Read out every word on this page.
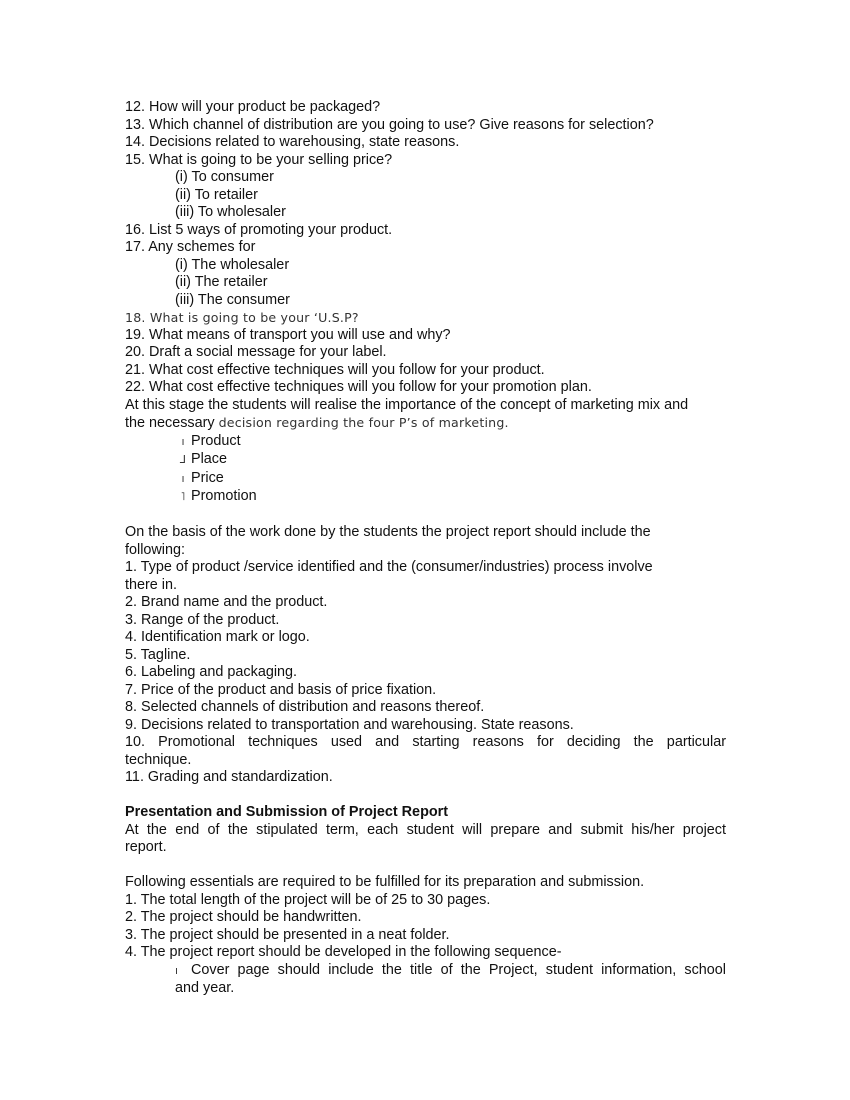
12. How will your product be packaged?
13. Which channel of distribution are you going to use? Give reasons for selection?
14. Decisions related to warehousing, state reasons.
15. What is going to be your selling price?
(i) To consumer
(ii) To retailer
(iii) To wholesaler
16. List 5 ways of promoting your product.
17. Any schemes for
(i) The wholesaler
(ii) The retailer
(iii) The consumer
18. What is going to be your ‘U.S.P?
19. What means of transport you will use and why?
20. Draft a social message for your label.
21. What cost effective techniques will you follow for your product.
22. What cost effective techniques will you follow for your promotion plan.
At this stage the students will realise the importance of the concept of marketing mix and
the necessary decision regarding the four P’s of marketing.
ı Product
⅃ Place
ı Price
˥ Promotion
On the basis of the work done by the students the project report should include the
following:
1. Type of product /service identified and the (consumer/industries) process involve
there in.
2. Brand name and the product.
3. Range of the product.
4. Identification mark or logo.
5. Tagline.
6. Labeling and packaging.
7. Price of the product and basis of price fixation.
8. Selected channels of distribution and reasons thereof.
9. Decisions related to transportation and warehousing. State reasons.
10. Promotional techniques used and starting reasons for deciding the particular
technique.
11. Grading and standardization.
Presentation and Submission of Project Report
At the end of the stipulated term, each student will prepare and submit his/her project
report.
Following essentials are required to be fulfilled for its preparation and submission.
1. The total length of the project will be of 25 to 30 pages.
2. The project should be handwritten.
3. The project should be presented in a neat folder.
4. The project report should be developed in the following sequence-
ı Cover page should include the title of the Project, student information, school
and year.
